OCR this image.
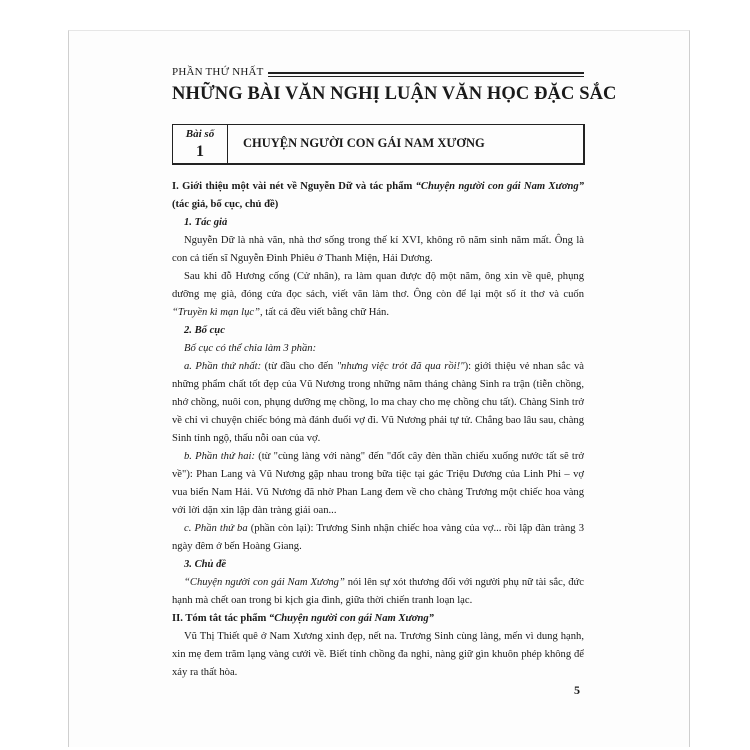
PHẦN THỨ NHẤT
NHỮNG BÀI VĂN NGHỊ LUẬN VĂN HỌC ĐẶC SẮC
Bài số
1	CHUYỆN NGƯỜI CON GÁI NAM XƯƠNG

I. Giới thiệu một vài nét về Nguyễn Dữ và tác phẩm “Chuyện người con gái Nam Xương” (tác giả, bố cục, chủ đề)

1. Tác giả

Nguyễn Dữ là nhà văn, nhà thơ sống trong thế kỉ XVI, không rõ năm sinh năm mất. Ông là con cả tiến sĩ Nguyễn Đình Phiêu ở Thanh Miện, Hải Dương.

Sau khi đỗ Hương cống (Cử nhân), ra làm quan được độ một năm, ông xin về quê, phụng dưỡng mẹ già, đóng cửa đọc sách, viết văn làm thơ. Ông còn để lại một số ít thơ và cuốn “Truyền kì mạn lục”, tất cả đều viết bằng chữ Hán.

2. Bố cục

Bố cục có thể chia làm 3 phần:

a. Phần thứ nhất: (từ đầu cho đến "nhưng việc trót đã qua rồi!"): giới thiệu vẻ nhan sắc và những phẩm chất tốt đẹp của Vũ Nương trong những năm tháng chàng Sinh ra trận (tiễn chồng, nhớ chồng, nuôi con, phụng dưỡng mẹ chồng, lo ma chay cho mẹ chồng chu tất). Chàng Sinh trở về chỉ vì chuyện chiếc bóng mà đánh đuổi vợ đi. Vũ Nương phải tự tử. Chẳng bao lâu sau, chàng Sinh tỉnh ngộ, thấu nỗi oan của vợ.

b. Phần thứ hai: (từ "cùng làng với nàng" đến "đốt cây đèn thần chiếu xuống nước tất sẽ trở về"): Phan Lang và Vũ Nương gặp nhau trong bữa tiệc tại gác Triệu Dương của Linh Phi – vợ vua biển Nam Hải. Vũ Nương đã nhờ Phan Lang đem về cho chàng Trương một chiếc hoa vàng với lời dặn xin lập đàn tràng giải oan...

c. Phần thứ ba (phần còn lại): Trương Sinh nhận chiếc hoa vàng của vợ... rồi lập đàn tràng 3 ngày đêm ở bến Hoàng Giang.

3. Chủ đề

“Chuyện người con gái Nam Xương” nói lên sự xót thương đối với người phụ nữ tài sắc, đức hạnh mà chết oan trong bi kịch gia đình, giữa thời chiến tranh loạn lạc.

II. Tóm tắt tác phẩm “Chuyện người con gái Nam Xương”

Vũ Thị Thiết quê ở Nam Xương xinh đẹp, nết na. Trương Sinh cùng làng, mến vì dung hạnh, xin mẹ đem trăm lạng vàng cưới về. Biết tính chồng đa nghi, nàng giữ gìn khuôn phép không để xảy ra thất hòa.

5
